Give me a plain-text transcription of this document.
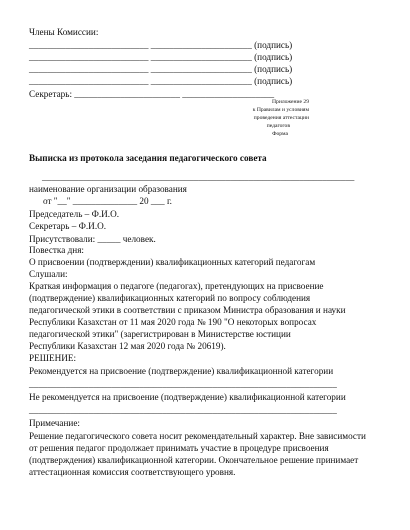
Члены Комиссии:
__________________________ ______________________ (подпись)
__________________________ ______________________ (подпись)
__________________________ ______________________ (подпись)
__________________________ ______________________ (подпись)
Секретарь: _______________________ ____________________
Приложение 29
к Правилам и условиям
проведения аттестации
педагогов
Форма
Выписка из протокола заседания педагогического совета
____________________________________________________________________
наименование организации образования
от "__" ______________ 20 ___ г.
Председатель – Ф.И.О.
Секретарь – Ф.И.О.
Присутствовали: _____ человек.
Повестка дня:
О присвоении (подтверждении) квалификационных категорий педагогам
Слушали:
Краткая информация о педагоге (педагогах), претендующих на присвоение
(подтверждение) квалификационных категорий по вопросу соблюдения
педагогической этики в соответствии с приказом Министра образования и науки
Республики Казахстан от 11 мая 2020 года № 190 "О некоторых вопросах
педагогической этики" (зарегистрирован в Министерстве юстиции
Республики Казахстан 12 мая 2020 года № 20619).
РЕШЕНИЕ:
Рекомендуется на присвоение (подтверждение) квалификационной категории
___________________________________________________________________
Не рекомендуется на присвоение (подтверждение) квалификационной категории
___________________________________________________________________
Примечание:
Решение педагогического совета носит рекомендательный характер. Вне зависимости
от решения педагог продолжает принимать участие в процедуре присвоения
(подтверждения) квалификационной категории. Окончательное решение принимает
аттестационная комиссия соответствующего уровня.
